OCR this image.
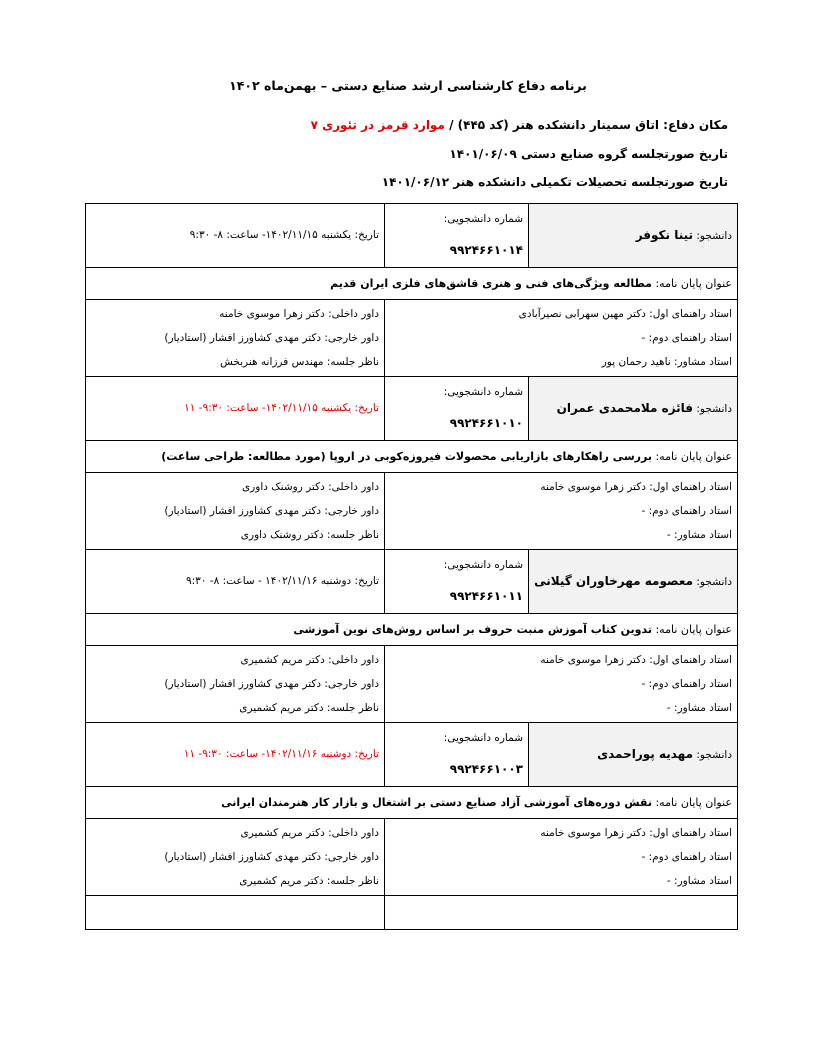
برنامه دفاع کارشناسی ارشد صنایع دستی – بهمن‌ماه ۱۴۰۲
مکان دفاع: اتاق سمینار دانشکده هنر (کد ۴۴۵) / موارد قرمز در تئوری ۷
تاریخ صورتجلسه گروه صنایع دستی ۱۴۰۱/۰۶/۰۹
تاریخ صورتجلسه تحصیلات تکمیلی دانشکده هنر ۱۴۰۱/۰۶/۱۲
دانشجو: تینا نکوفر	شماره دانشجویی: ۹۹۲۴۶۶۱۰۱۴	تاریخ: یکشنبه ۱۴۰۲/۱۱/۱۵- ساعت: ۸- ۹:۳۰
عنوان پایان نامه: مطالعه ویژگی‌های فنی و هنری قاشق‌های فلزی ایران قدیم		

استاد راهنمای اول: دکتر مهین سهرابی نصیرآبادی
استاد راهنمای دوم: -
استاد مشاور: ناهید رحمان پور		داور داخلی: دکتر زهرا موسوی خامنه
داور خارجی: دکتر مهدی کشاورز افشار (استادیار)
ناظر جلسه: مهندس فرزانه هنربخش

دانشجو: فائزه ملامحمدی عمران	شماره دانشجویی: ۹۹۲۴۶۶۱۰۱۰	تاریخ: یکشنبه ۱۴۰۲/۱۱/۱۵- ساعت: ۹:۳۰- ۱۱
عنوان پایان نامه: بررسی راهکارهای بازاریابی محصولات فیروزه‌کوبی در اروپا (مورد مطالعه: طراحی ساعت)		

استاد راهنمای اول: دکتر زهرا موسوی خامنه
استاد راهنمای دوم: -
استاد مشاور: -		داور داخلی: دکتر روشنک داوری
داور خارجی: دکتر مهدی کشاورز افشار (استادیار)
ناظر جلسه: دکتر روشنک داوری

دانشجو: معصومه مهرخاوران گیلانی	شماره دانشجویی: ۹۹۲۴۶۶۱۰۱۱	تاریخ: دوشنبه ۱۴۰۲/۱۱/۱۶ - ساعت: ۸- ۹:۳۰
عنوان پایان نامه: تدوین کتاب آموزش منبت حروف بر اساس روش‌های نوین آموزشی		

استاد راهنمای اول: دکتر زهرا موسوی خامنه
استاد راهنمای دوم: -
استاد مشاور: -		داور داخلی: دکتر مریم کشمیری
داور خارجی: دکتر مهدی کشاورز افشار (استادیار)
ناظر جلسه: دکتر مریم کشمیری

دانشجو: مهدیه پوراحمدی	شماره دانشجویی: ۹۹۲۴۶۶۱۰۰۳	تاریخ: دوشنبه ۱۴۰۲/۱۱/۱۶- ساعت: ۹:۳۰- ۱۱
عنوان پایان نامه: نقش دوره‌های آموزشی آزاد صنایع دستی بر اشتغال و بازار کار هنرمندان ایرانی		

استاد راهنمای اول: دکتر زهرا موسوی خامنه
استاد راهنمای دوم: -
استاد مشاور: -		داور داخلی: دکتر مریم کشمیری
داور خارجی: دکتر مهدی کشاورز افشار (استادیار)
ناظر جلسه: دکتر مریم کشمیری
